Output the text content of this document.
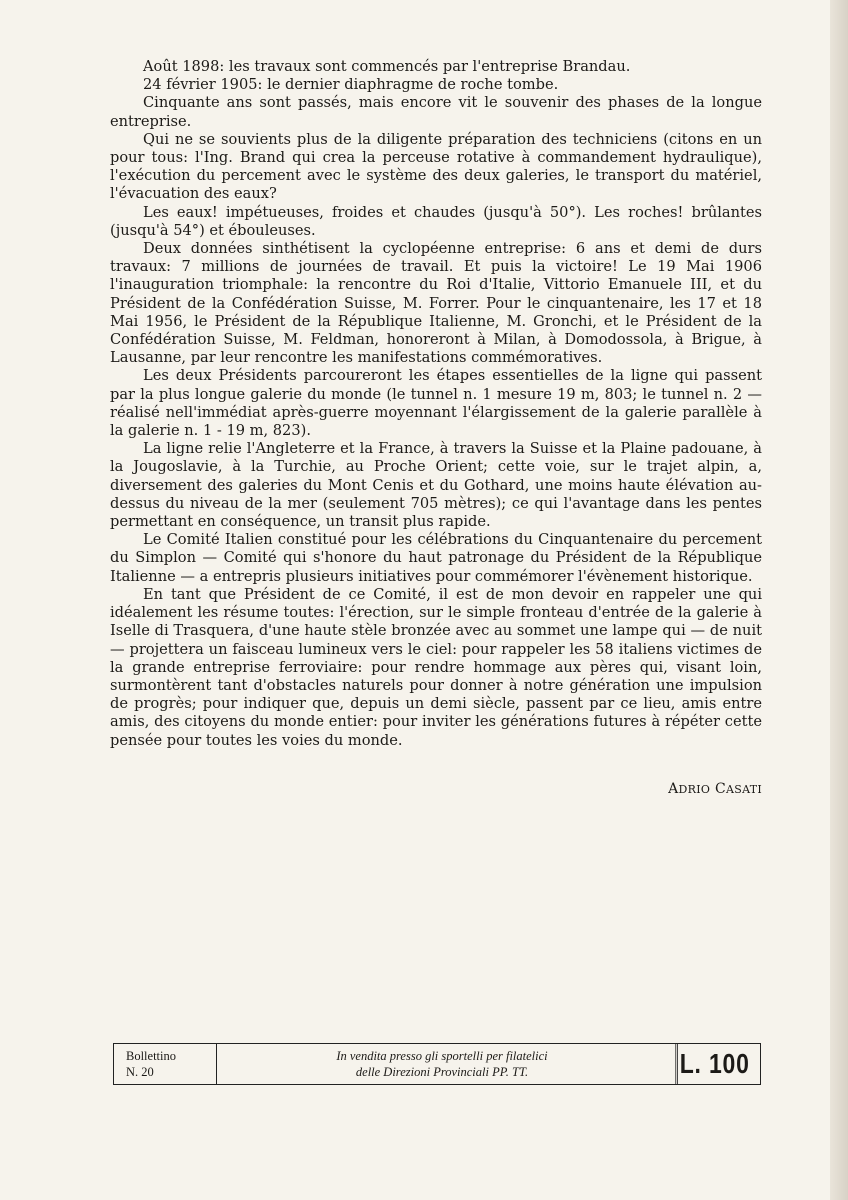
Août 1898: les travaux sont commencés par l'entreprise Brandau.

24 février 1905: le dernier diaphragme de roche tombe.

Cinquante ans sont passés, mais encore vit le souvenir des phases de la longue entreprise.

Qui ne se souvients plus de la diligente préparation des techniciens (citons en un pour tous: l'Ing. Brand qui crea la perceuse rotative à commandement hydraulique), l'exécution du percement avec le système des deux galeries, le transport du matériel, l'évacuation des eaux?

Les eaux! impétueuses, froides et chaudes (jusqu'à 50°). Les roches! brûlantes (jusqu'à 54°) et ébouleuses.

Deux données sinthétisent la cyclopéenne entreprise: 6 ans et demi de durs travaux: 7 millions de journées de travail. Et puis la victoire! Le 19 Mai 1906 l'inauguration triomphale: la rencontre du Roi d'Italie, Vittorio Emanuele III, et du Président de la Confédération Suisse, M. Forrer. Pour le cinquantenaire, les 17 et 18 Mai 1956, le Président de la République Italienne, M. Gronchi, et le Président de la Confédération Suisse, M. Feldman, honoreront à Milan, à Domodossola, à Brigue, à Lausanne, par leur rencontre les manifestations commémoratives.

Les deux Présidents parcoureront les étapes essentielles de la ligne qui passent par la plus longue galerie du monde (le tunnel n. 1 mesure 19 m, 803; le tunnel n. 2 — réalisé nell'immédiat après-guerre moyennant l'élargissement de la galerie parallèle à la galerie n. 1 - 19 m, 823).

La ligne relie l'Angleterre et la France, à travers la Suisse et la Plaine padouane, à la Jougoslavie, à la Turchie, au Proche Orient; cette voie, sur le trajet alpin, a, diversement des galeries du Mont Cenis et du Gothard, une moins haute élévation au-dessus du niveau de la mer (seulement 705 mètres); ce qui l'avantage dans les pentes permettant en conséquence, un transit plus rapide.

Le Comité Italien constitué pour les célébrations du Cinquantenaire du percement du Simplon — Comité qui s'honore du haut patronage du Président de la République Italienne — a entrepris plusieurs initiatives pour commémorer l'évènement historique.

En tant que Président de ce Comité, il est de mon devoir en rappeler une qui idéalement les résume toutes: l'érection, sur le simple fronteau d'entrée de la galerie à Iselle di Trasquera, d'une haute stèle bronzée avec au sommet une lampe qui — de nuit — projettera un faisceau lumineux vers le ciel: pour rappeler les 58 italiens victimes de la grande entreprise ferroviaire: pour rendre hommage aux pères qui, visant loin, surmontèrent tant d'obstacles naturels pour donner à notre génération une impulsion de progrès; pour indiquer que, depuis un demi siècle, passent par ce lieu, amis entre amis, des citoyens du monde entier: pour inviter les générations futures à répéter cette pensée pour toutes les voies du monde.

ADRIO CASATI
Bollettino
N. 20
In vendita presso gli sportelli per filatelici
delle Direzioni Provinciali PP. TT.	L. 100
